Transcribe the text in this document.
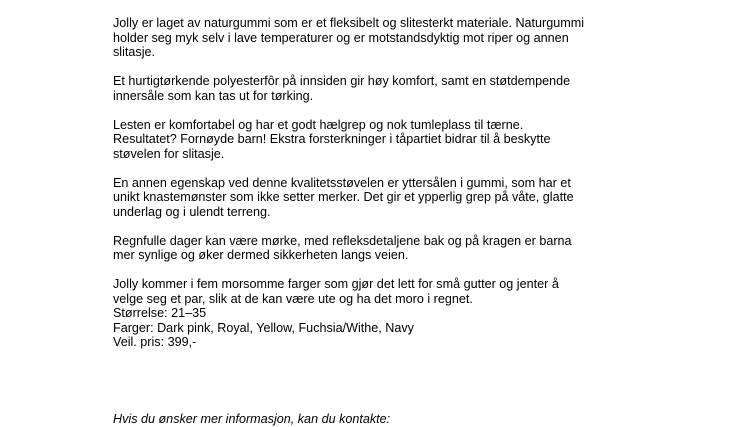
Jolly er laget av naturgummi som er et fleksibelt og slitesterkt materiale. Naturgummi
holder seg myk selv i lave temperaturer og er motstandsdyktig mot riper og annen
slitasje.

Et hurtigtørkende polyesterfôr på innsiden gir høy komfort, samt en støtdempende
innersåle som kan tas ut for tørking.

Lesten er komfortabel og har et godt hælgrep og nok tumleplass til tærne.
Resultatet? Fornøyde barn! Ekstra forsterkninger i tåpartiet bidrar til å beskytte
støvelen for slitasje.

En annen egenskap ved denne kvalitetsstøvelen er yttersålen i gummi, som har et
unikt knastemønster som ikke setter merker. Det gir et ypperlig grep på våte, glatte
underlag og i ulendt terreng.

Regnfulle dager kan være mørke, med refleksdetaljene bak og på kragen er barna
mer synlige og øker dermed sikkerheten langs veien.

Jolly kommer i fem morsomme farger som gjør det lett for små gutter og jenter å
velge seg et par, slik at de kan være ute og ha det moro i regnet.

Størrelse: 21–35

Farger: Dark pink, Royal, Yellow, Fuchsia/Withe, Navy

Veil. pris: 399,-

Hvis du ønsker mer informasjon, kan du kontakte:
